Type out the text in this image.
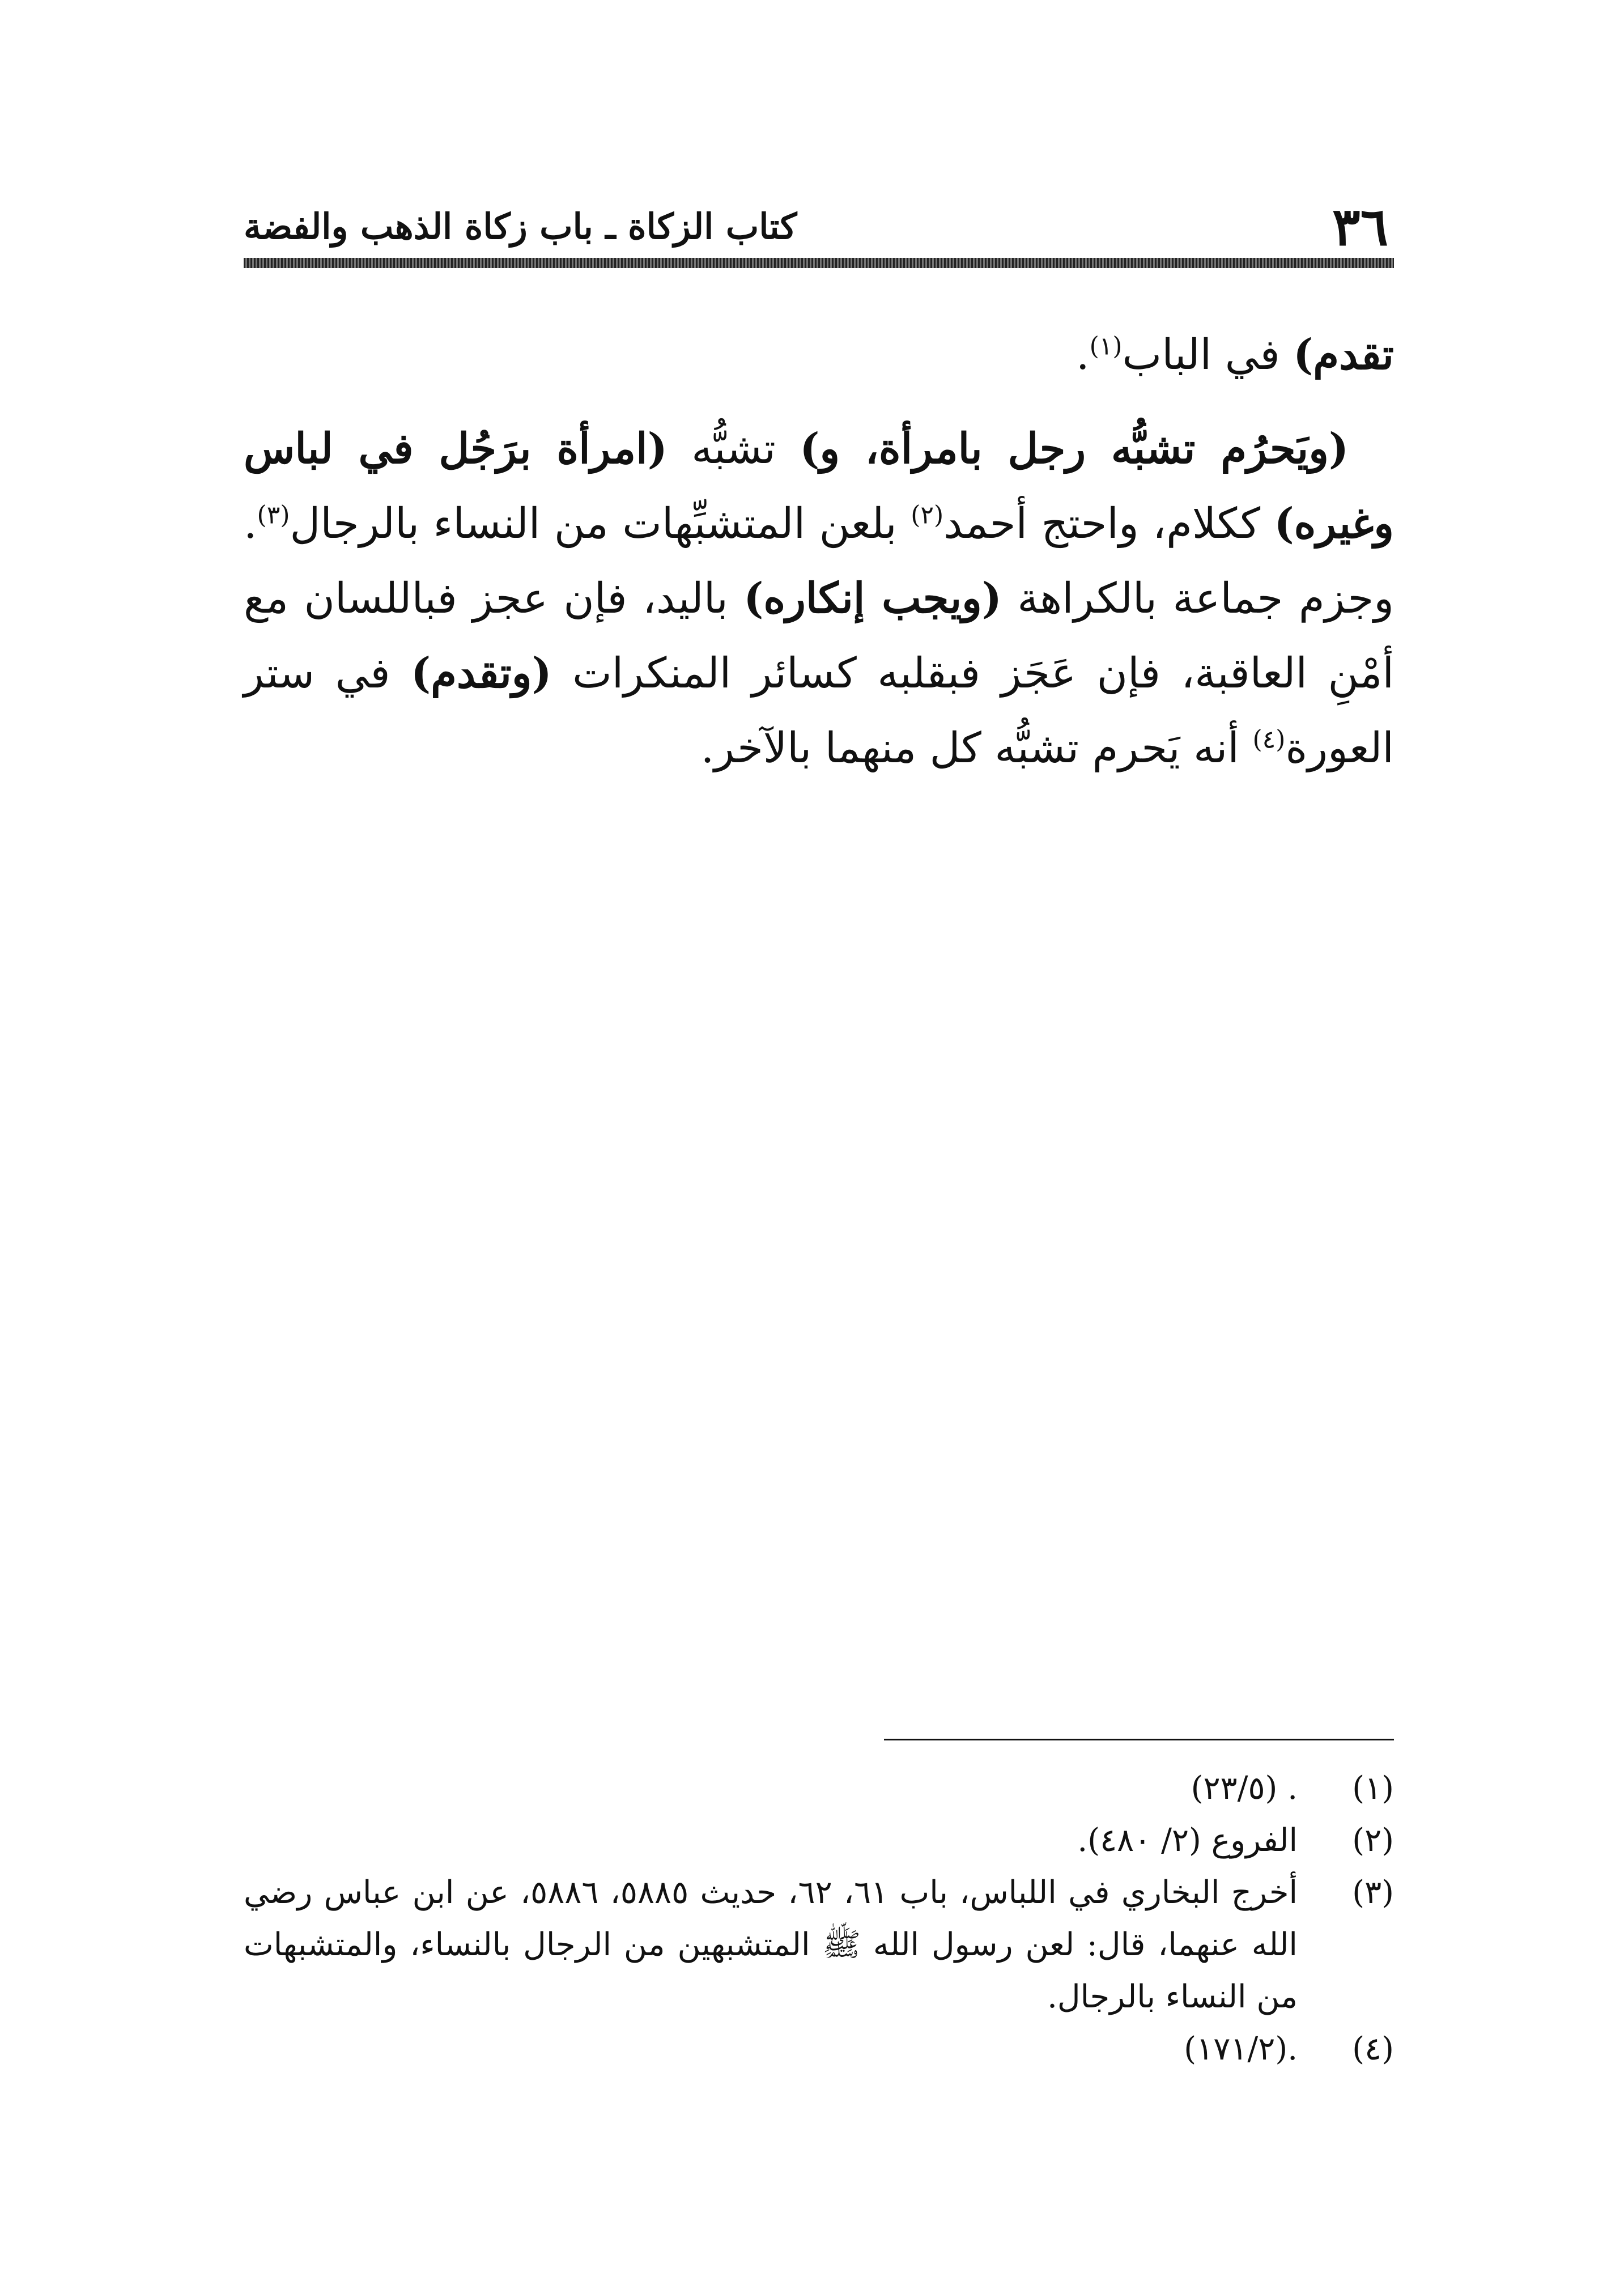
٣٦
كتاب الزكاة ـ باب زكاة الذهب والفضة

تقدم) في الباب$^{(١)}$.

(ويَحرُم تشبُّه رجل بامرأة، و) تشبُّه (امرأة برَجُل في لباس وغيره) ككلام، واحتج أحمد$^{(٢)}$ بلعن المتشبِّهات من النساء بالرجال$^{(٣)}$. وجزم جماعة بالكراهة (ويجب إنكاره) باليد، فإن عجز فباللسان مع أمْنِ العاقبة، فإن عَجَز فبقلبه كسائر المنكرات (وتقدم) في ستر العورة$^{(٤)}$ أنه يَحرم تشبُّه كل منهما بالآخر.

(١)
. (٢٣/٥)
(٢)
الفروع (٢/ ٤٨٠).
(٣)
أخرج البخاري في اللباس، باب ٦١، ٦٢، حديث ٥٨٨٥، ٥٨٨٦، عن ابن عباس رضي الله عنهما، قال: لعن رسول الله ﷺ المتشبهين من الرجال بالنساء، والمتشبهات من النساء بالرجال.
(٤)
.(١٧١/٢)
